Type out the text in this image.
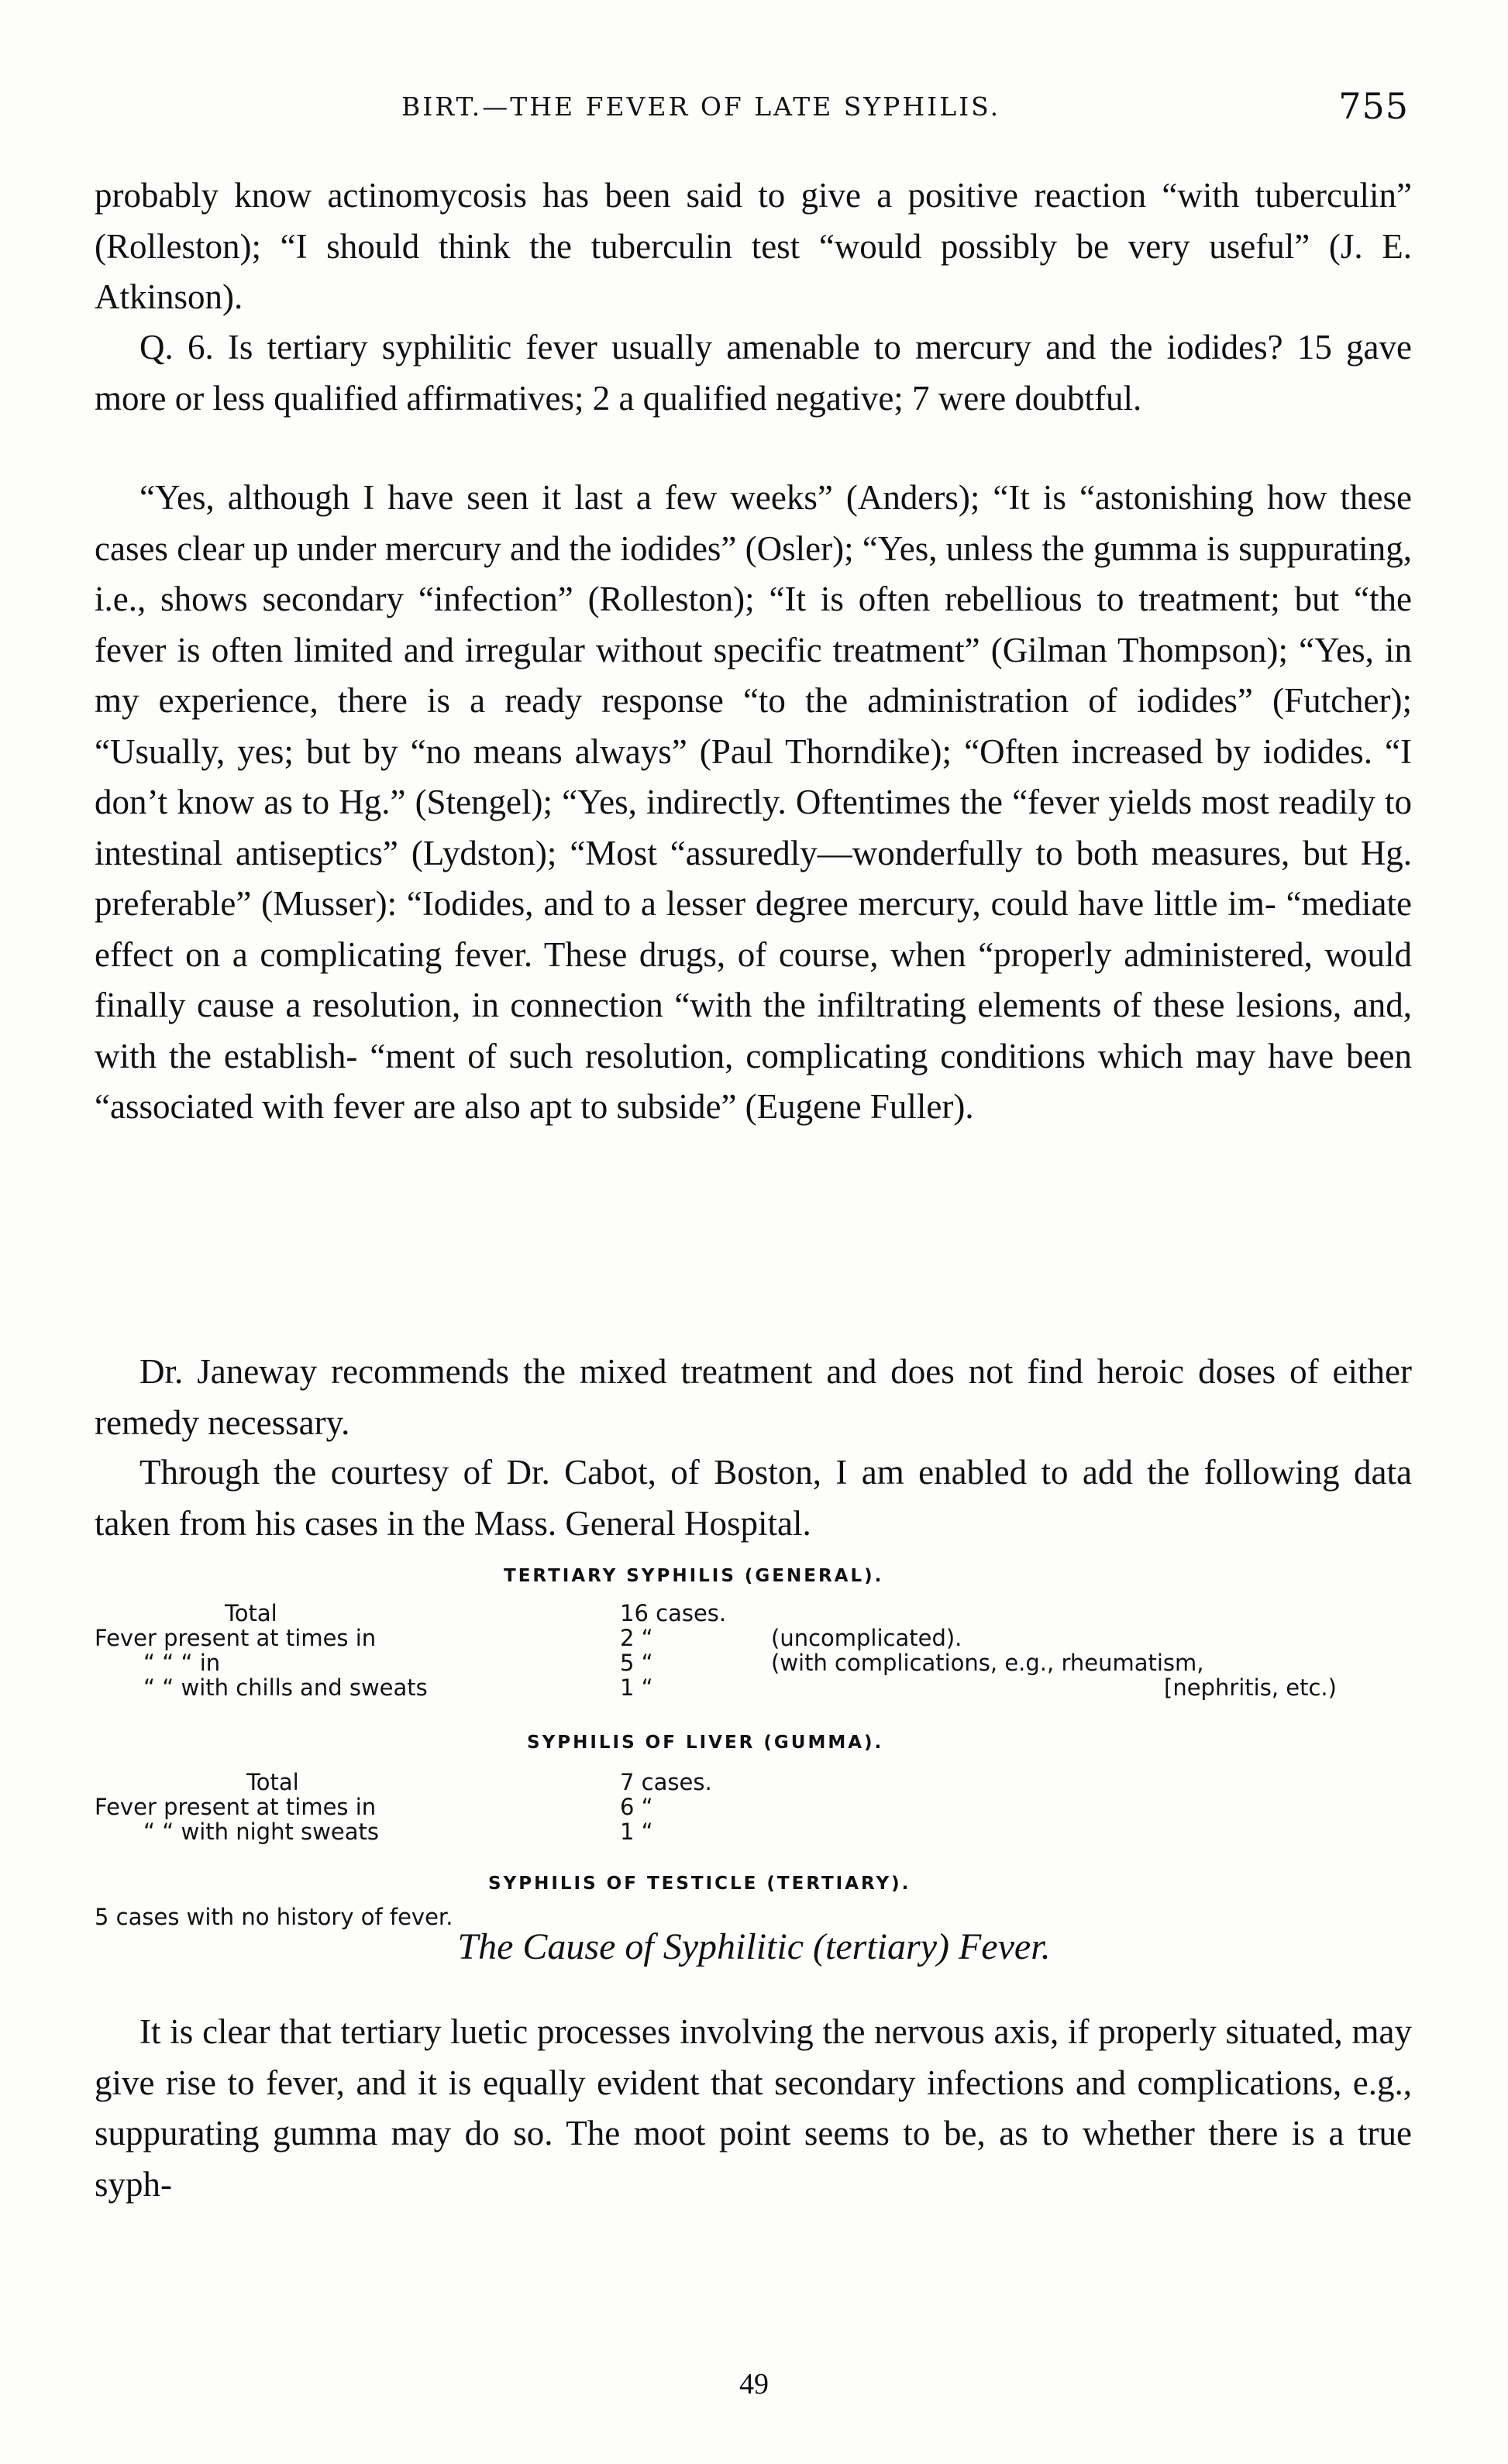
BIRT.—THE FEVER OF LATE SYPHILIS.	755

probably know actinomycosis has been said to give a positive reaction “with tuberculin” (Rolleston); “I should think the tuberculin test “would possibly be very useful” (J. E. Atkinson).

Q. 6. Is tertiary syphilitic fever usually amenable to mercury and the iodides? 15 gave more or less qualified affirmatives; 2 a qualified negative; 7 were doubtful.

“Yes, although I have seen it last a few weeks” (Anders); “It is “astonishing how these cases clear up under mercury and the iodides” (Osler); “Yes, unless the gumma is suppurating, i.e., shows secondary “infection” (Rolleston); “It is often rebellious to treatment; but “the fever is often limited and irregular without specific treatment” (Gilman Thompson); “Yes, in my experience, there is a ready response “to the administration of iodides” (Futcher); “Usually, yes; but by “no means always” (Paul Thorndike); “Often increased by iodides. “I don’t know as to Hg.” (Stengel); “Yes, indirectly. Oftentimes the “fever yields most readily to intestinal antiseptics” (Lydston); “Most “assuredly—wonderfully to both measures, but Hg. preferable” (Musser): “Iodides, and to a lesser degree mercury, could have little im- “mediate effect on a complicating fever. These drugs, of course, when “properly administered, would finally cause a resolution, in connection “with the infiltrating elements of these lesions, and, with the establish- “ment of such resolution, complicating conditions which may have been “associated with fever are also apt to subside” (Eugene Fuller).

Dr. Janeway recommends the mixed treatment and does not find heroic doses of either remedy necessary.

Through the courtesy of Dr. Cabot, of Boston, I am enabled to add the following data taken from his cases in the Mass. General Hospital.

TERTIARY SYPHILIS (GENERAL).
Total	16 cases.
Fever present at times in	2 “	(uncomplicated).
“ “ “ in	5 “	(with complications, e.g., rheumatism,
“ “ with chills and sweats	1 “	[nephritis, etc.)
SYPHILIS OF LIVER (GUMMA).
Total	7 cases.
Fever present at times in	6 “
“ “ with night sweats	1 “
SYPHILIS OF TESTICLE (TERTIARY).
5 cases with no history of fever.
The Cause of Syphilitic (tertiary) Fever.

It is clear that tertiary luetic processes involving the nervous axis, if properly situated, may give rise to fever, and it is equally evident that secondary infections and complications, e.g., suppurating gumma may do so. The moot point seems to be, as to whether there is a true syph-

49
